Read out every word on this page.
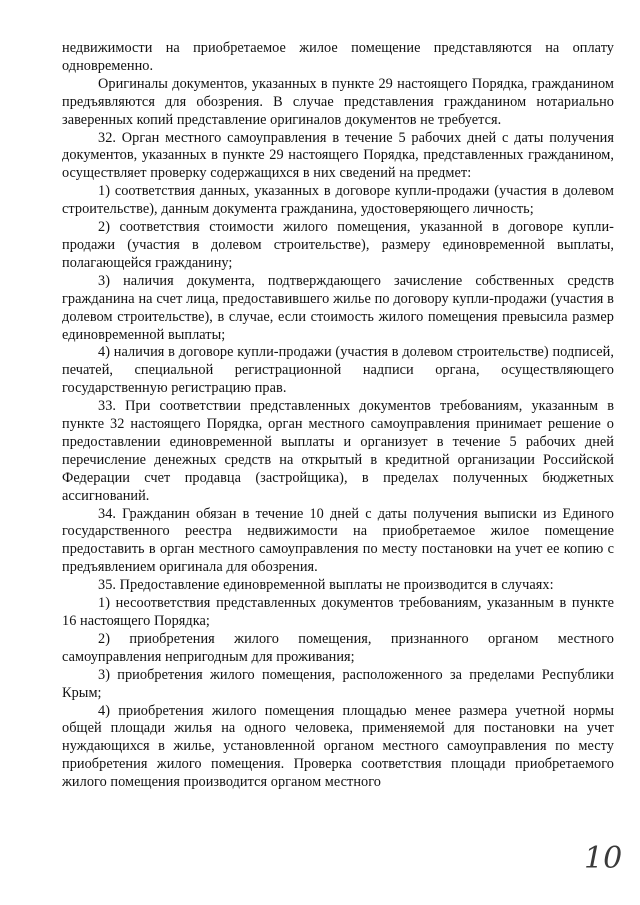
недвижимости на приобретаемое жилое помещение представляются на оплату одновременно.

Оригиналы документов, указанных в пункте 29 настоящего Порядка, гражданином предъявляются для обозрения. В случае представления гражданином нотариально заверенных копий представление оригиналов документов не требуется.

32. Орган местного самоуправления в течение 5 рабочих дней с даты получения документов, указанных в пункте 29 настоящего Порядка, представленных гражданином, осуществляет проверку содержащихся в них сведений на предмет:

1) соответствия данных, указанных в договоре купли-продажи (участия в долевом строительстве), данным документа гражданина, удостоверяющего личность;

2) соответствия стоимости жилого помещения, указанной в договоре купли-продажи (участия в долевом строительстве), размеру единовременной выплаты, полагающейся гражданину;

3) наличия документа, подтверждающего зачисление собственных средств гражданина на счет лица, предоставившего жилье по договору купли-продажи (участия в долевом строительстве), в случае, если стоимость жилого помещения превысила размер единовременной выплаты;

4) наличия в договоре купли-продажи (участия в долевом строительстве) подписей, печатей, специальной регистрационной надписи органа, осуществляющего государственную регистрацию прав.

33. При соответствии представленных документов требованиям, указанным в пункте 32 настоящего Порядка, орган местного самоуправления принимает решение о предоставлении единовременной выплаты и организует в течение 5 рабочих дней перечисление денежных средств на открытый в кредитной организации Российской Федерации счет продавца (застройщика), в пределах полученных бюджетных ассигнований.

34. Гражданин обязан в течение 10 дней с даты получения выписки из Единого государственного реестра недвижимости на приобретаемое жилое помещение предоставить в орган местного самоуправления по месту постановки на учет ее копию с предъявлением оригинала для обозрения.

35. Предоставление единовременной выплаты не производится в случаях:

1) несоответствия представленных документов требованиям, указанным в пункте 16 настоящего Порядка;

2) приобретения жилого помещения, признанного органом местного самоуправления непригодным для проживания;

3) приобретения жилого помещения, расположенного за пределами Республики Крым;

4) приобретения жилого помещения площадью менее размера учетной нормы общей площади жилья на одного человека, применяемой для постановки на учет нуждающихся в жилье, установленной органом местного самоуправления по месту приобретения жилого помещения. Проверка соответствия площади приобретаемого жилого помещения производится органом местного

10
